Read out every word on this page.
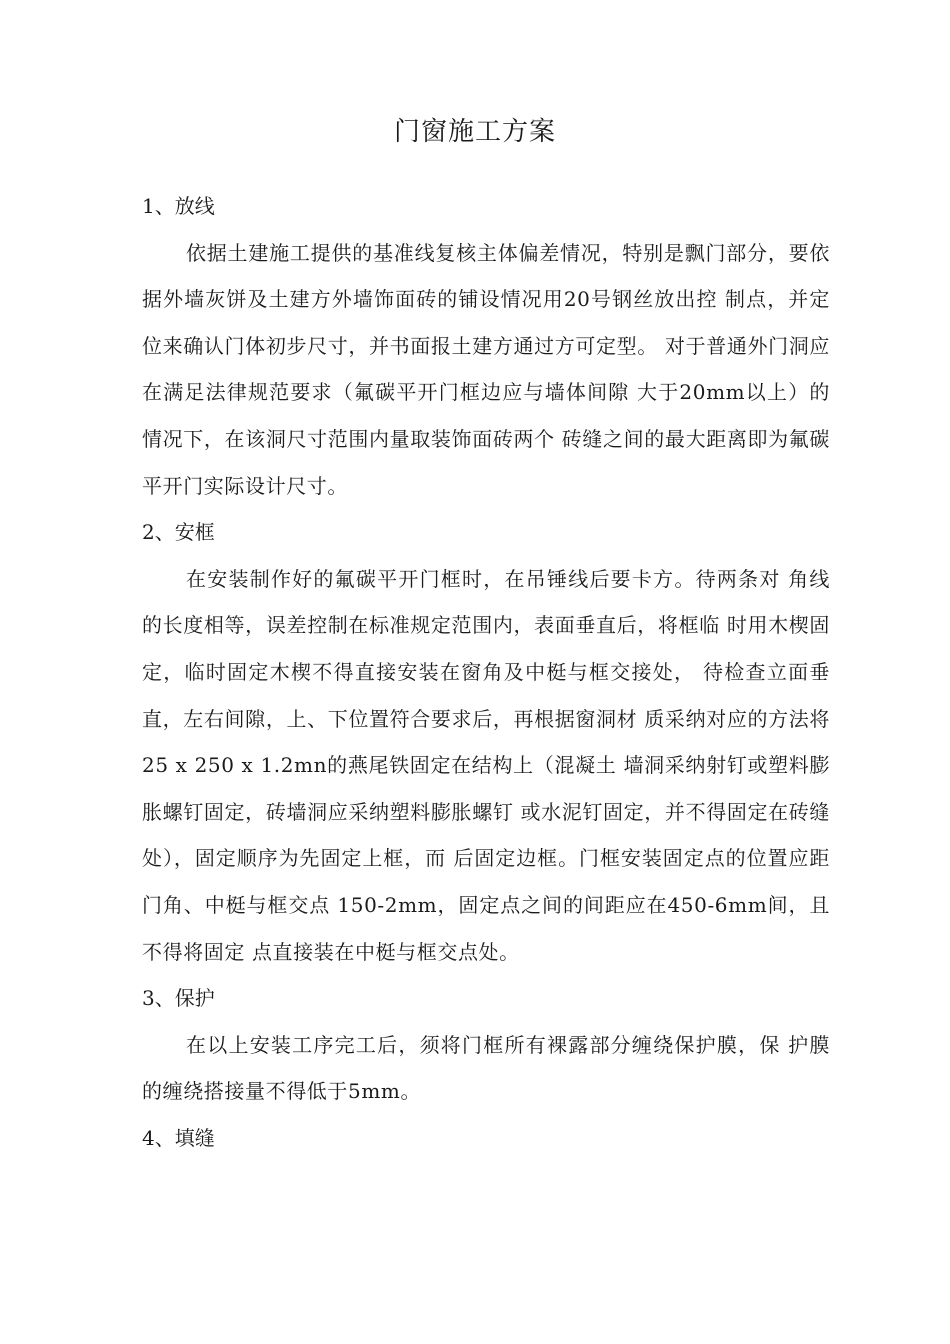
门窗施工方案
1、放线
依据土建施工提供的基准线复核主体偏差情况，特别是飘门部分，要依据外墙灰饼及土建方外墙饰面砖的铺设情况用20号钢丝放出控 制点，并定位来确认门体初步尺寸，并书面报土建方通过方可定型。 对于普通外门洞应在满足法律规范要求（氟碳平开门框边应与墙体间隙 大于20mm以上）的情况下，在该洞尺寸范围内量取装饰面砖两个 砖缝之间的最大距离即为氟碳平开门实际设计尺寸。
2、安框
在安装制作好的氟碳平开门框时，在吊锤线后要卡方。待两条对 角线的长度相等，误差控制在标准规定范围内，表面垂直后，将框临 时用木楔固定，临时固定木楔不得直接安装在窗角及中梃与框交接处， 待检查立面垂直，左右间隙，上、下位置符合要求后，再根据窗洞材 质采纳对应的方法将25 x 250 x 1.2mn的燕尾铁固定在结构上（混凝土 墙洞采纳射钉或塑料膨胀螺钉固定，砖墙洞应采纳塑料膨胀螺钉 或水泥钉固定，并不得固定在砖缝处），固定顺序为先固定上框，而 后固定边框。门框安装固定点的位置应距门角、中梃与框交点 150-2mm，固定点之间的间距应在450-6mm间，且不得将固定 点直接装在中梃与框交点处。
3、保护
在以上安装工序完工后，须将门框所有裸露部分缠绕保护膜，保 护膜的缠绕搭接量不得低于5mm。
4、填缝
